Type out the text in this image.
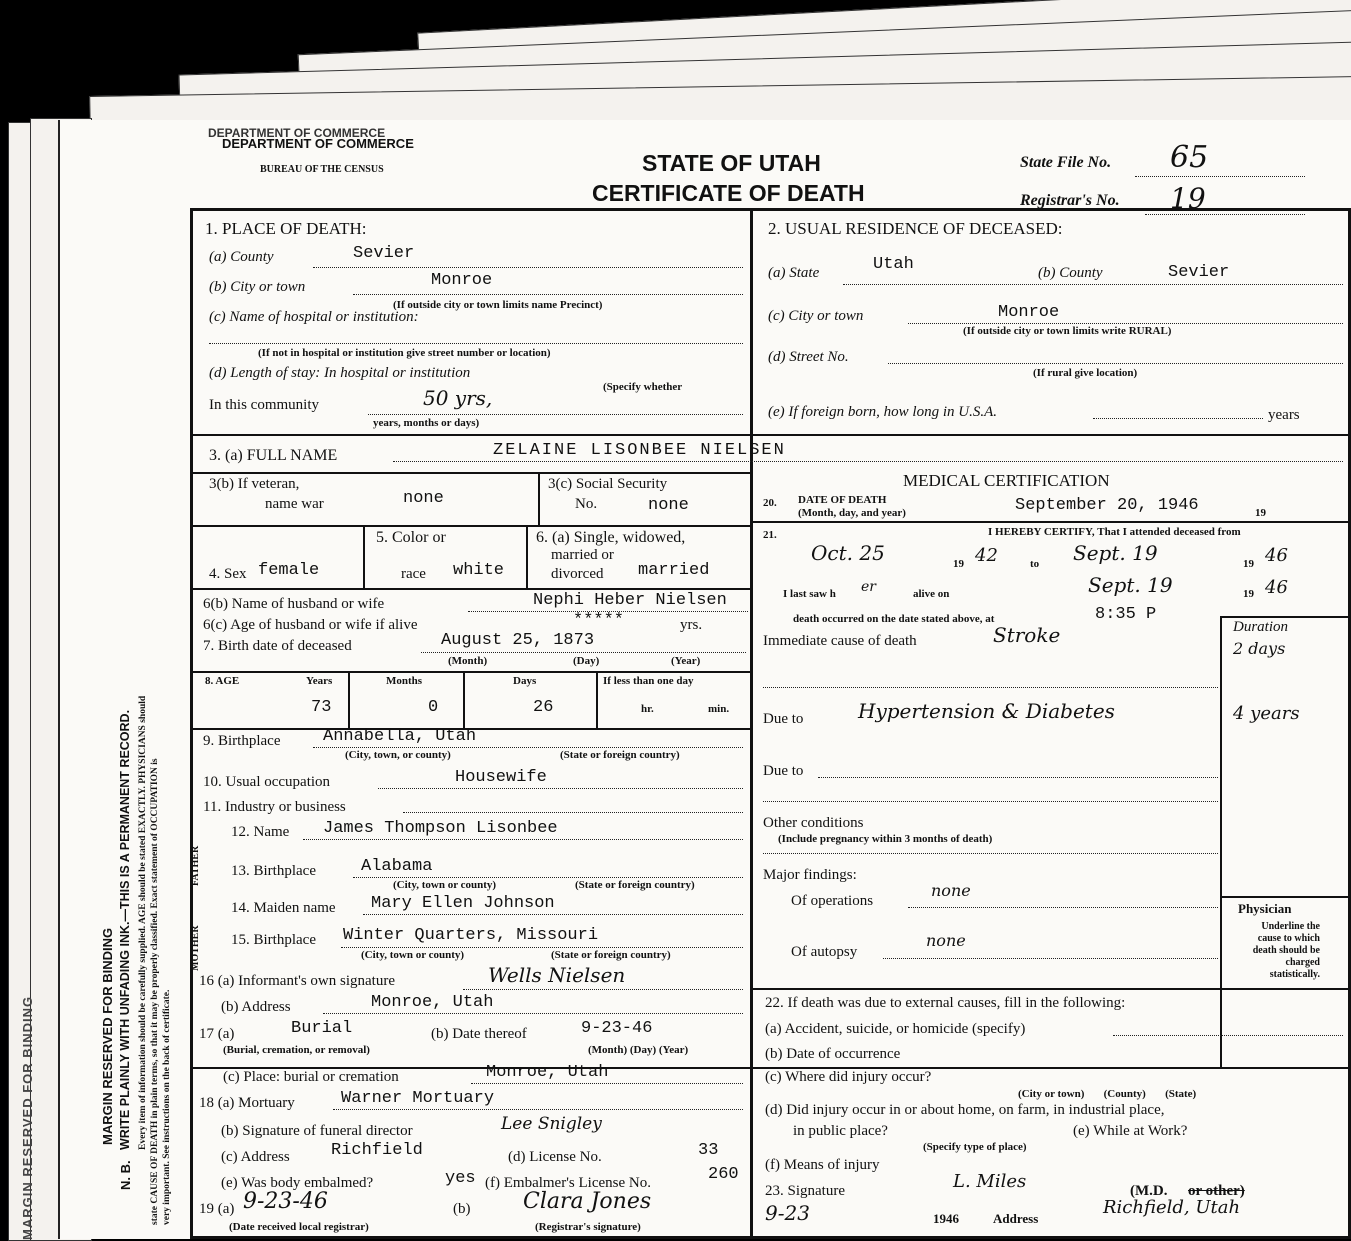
MARGIN RESERVED FOR BINDING	MARGIN RESERVED FOR BINDING
N. B.
WRITE PLAINLY WITH UNFADING INK.—THIS IS A PERMANENT RECORD. Every item of information should be carefully supplied. AGE should be stated EXACTLY. PHYSICIANS should state CAUSE OF DEATH in plain terms, so that it may be properly classified. Exact statement of OCCUPATION is very important. See instructions on the back of certificate.
DEPARTMENT OF COMMERCE
DEPARTMENT OF COMMERCE
BUREAU OF THE CENSUS	STATE OF UTAH
CERTIFICATE OF DEATH
State File No. 65
Registrar's No. 19
1. PLACE OF DEATH:
(a) County	Sevier
(b) City or town	Monroe
(If outside city or town limits name Precinct)
(c) Name of hospital or institution:
(If not in hospital or institution give street number or location)
(d) Length of stay: In hospital or institution
(Specify whether
In this community	50 yrs,
years, months or days)
2. USUAL RESIDENCE OF DECEASED:
(a) State	Utah	(b) County	Sevier
(c) City or town	Monroe
(If outside city or town limits write RURAL)
(d) Street No.
(If rural give location)
(e) If foreign born, how long in U.S.A.	years
3. (a) FULL NAME	ZELAINE LISONBEE NIELSEN
3(b) If veteran,
name war	none
3(c) Social Security
No.	none
4. Sex female
5. Color or
race white
6. (a) Single, widowed,
married or
divorced married
6(b) Name of husband or wife	Nephi Heber Nielsen
6(c) Age of husband or wife if alive	*****	yrs.
7. Birth date of deceased	August 25, 1873
(Month)	(Day)	(Year)
8. AGE	Years	Months	Days	If less than one day
73	0	26	hr.	min.
9. Birthplace	Annabella, Utah
(City, town, or county)	(State or foreign country)
10. Usual occupation	Housewife
11. Industry or business
FATHER
MOTHER
12. Name James Thompson Lisonbee
13. Birthplace	Alabama
(City, town or county)	(State or foreign country)
14. Maiden name Mary Ellen Johnson
15. Birthplace Winter Quarters, Missouri
(City, town or county)	(State or foreign country)
16 (a) Informant's own signature	Wells Nielsen
(b) Address	Monroe, Utah
17 (a)	Burial
(Burial, cremation, or removal)
(b) Date thereof	9-23-46
(Month) (Day) (Year)
(c) Place: burial or cremation	Monroe, Utah
18 (a) Mortuary	Warner Mortuary
(b) Signature of funeral director	Lee Snigley
(c) Address Richfield	(d) License No.	33
(e) Was body embalmed?	yes (f) Embalmer's License No.	260
19 (a) 9-23-46
(Date received local registrar)
(b) Clara Jones
(Registrar's signature)
MEDICAL CERTIFICATION
20. DATE OF DEATH
(Month, day, and year)	September 20, 1946	19
21.	I HEREBY CERTIFY, That I attended deceased from
Oct. 25	19 42	to Sept. 19	19 46
I last saw h er	alive on	Sept. 19	19 46
death occurred on the date stated above, at	8:35 P
Duration
Immediate cause of death	Stroke
2 days
Due to	Hypertension & Diabetes	4 years
Due to
Other conditions
(Include pregnancy within 3 months of death)
Major findings:
Of operations
none
Of autopsy
none
Physician
Underline the cause to which death should be charged statistically.
22. If death was due to external causes, fill in the following:
(a) Accident, suicide, or homicide (specify)
(b) Date of occurrence
(c) Where did injury occur?
(City or town)       (County)       (State)
(d) Did injury occur in or about home, on farm, in industrial place,
in public place?	(e) While at Work?
(Specify type of place)
(f) Means of injury
23. Signature	L. Miles	(M.D. or other)
9-23	1946	Address
Richfield, Utah
